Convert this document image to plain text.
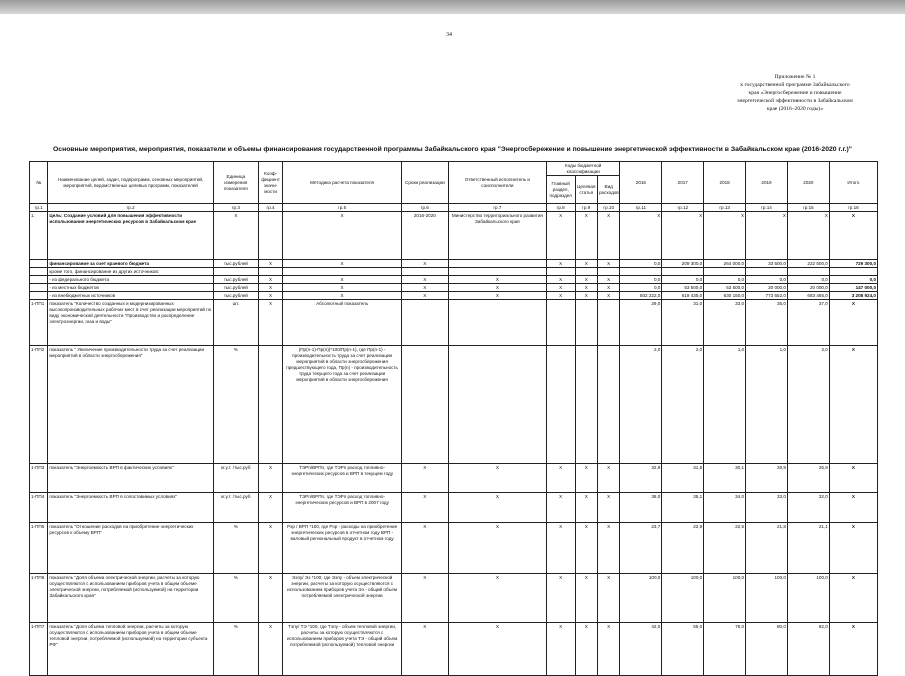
34
Приложение № 1
к государственной программе Забайкальского
края «Энергосбережение и повышение
энергетической эффективности в Забайкальском
крае (2016–2020 годы)»
Основные мероприятия, мероприятия, показатели и объемы финансирования государственной программы Забайкальского края "Энергосбережение и повышение энергетической эффективности в Забайкальском крае (2016-2020 г.г.)"
№	Наименование целей, задач, подпрограмм, основных мероприятий, мероприятий, ведомственных целевых программ, показателей	Единица измерения показателя	Коэф-фициент значи-мости	Методика расчета показателя	Сроки реализации	Ответственный исполнитель и соисполнители	Коды бюджетной классификации			2016	2017	2018	2019	2020	Итого
							Главный раздел, подраздел	Целевая статья	Вид расходов						
гр.1	гр.2	гр.3	гр.4	гр.5	гр.6	гр.7	гр.8	гр.9	гр.10	гр.11	гр.12	гр.13	гр.14	гр.15	гр.16
1.	Цель: Создание условий для повышения эффективности использования энергетических ресурсов в Забайкальском крае	X		X	2016-2020	Министерство территориального развития Забайкальского края	X	X	X	X	X	X	X	X	X
	финансирование за счет краевого бюджета	тыс.рублей	X	X	X		X	X	X	0,0	209 300,0	264 000,0	33 500,0	222 500,0	729 300,0
	кроме того, финансирование из других источников:														
	- из федерального бюджета	тыс.рублей	X	X	X	X	X	X	X	0,0	0,0	0,0	0,0	0,0	0,0
	- из местных бюджетов	тыс.рублей	X	X	X	X	X	X	X	0,0	53 500,0	53 500,0	20 000,0	20 000,0	147 000,0
	- из внебюджетных источников	тыс.рублей	X	X	X	X	X	X	X	502 222,0	619 435,0	630 150,0	773 652,0	683 465,0	3 208 924,0
1-ПП1	показатель "Количество созданных и модернизированных высокопроизводительных рабочих мест в счет реализации мероприятий по виду экономической деятельности "Производство и распределение электроэнергии, газа и воды"	шт.	X	Абсолютный показатель						29,0	31,0	33,0	35,0	37,0	X
1-ПП2	показатель " Увеличение производительности труда за счет реализации мероприятий в области энергосбережения"	%		(Пр(n-1)-Пр(n))*100/Пр(n-1), где Пр(n-1) - производительность труда за счет реализации мероприятий в области энергосбережения предшествующего года, Пр(n) - производительность труда текущего года за счет реализации мероприятий в области энергосбережения						2,0	2,0	1,0	1,0	2,0	X
1-ПП3	показатель "Энергоемкость ВРП в фактических условиях"	кг.у.т. /тыс.руб	X	ТЭРп/ВРПп, где ТЭРп расход топливно-энергетических ресурсов и ВРП в текущем году	X	X	X	X	X	32,9	31,5	30,1	28,9	26,9	X
1-ПП4	показатель "Энергоемкость ВРП в сопоставимых условиях"	кг.у.т. /тыс.руб	X	ТЭРп/ВРПп, где ТЭРп расход топливно-энергетических ресурсов и ВРП в 2007 году	X	X	X	X	X	36,0	35,1	34,0	33,0	32,0	X
1-ПП5	показатель "Отношение расходов на приобретение энергетических ресурсов к объему ВРП"	%	X	Рэр / ВРП *100, где Рэр - расходы на приобретение энергетических ресурсов в отчетном году ВРП - валовый региональный продукт в отчетном году	X	X	X	X	X	23,7	22,9	22,5	21,8	21,1	X
1-ПП6	показатель "Доля объема электрической энергии, расчеты за которую осуществляются с использованием приборов учета в общем объеме электрической энергии, потребляемой (используемой) на территории Забайкальского края"	%	X	Ээпу/ Ээ *100, где Ээпу - объем электрической энергии, расчеты за которую осуществляются с использованием приборов учета Ээ - общий объем потребляемой электрической энергии	X	X	X	X	X	100,0	100,0	100,0	100,0	100,0	X
1-ПП7	показатель "Доля объема тепловой энергии, расчеты за которую осуществляются с использованием приборов учета в общем объеме тепловой энергии, потребляемой (используемой) на территории субъекта РФ"	%	X	Тэпу/ ТЭ *100, где Тэпу - объем тепловой энергии, расчеты за которую осуществляются с использованием приборов учета ТЭ - общий объем потребляемой (используемой) тепловой энергии	X	X	X	X	X	42,0	55,0	78,0	80,0	82,0	X
